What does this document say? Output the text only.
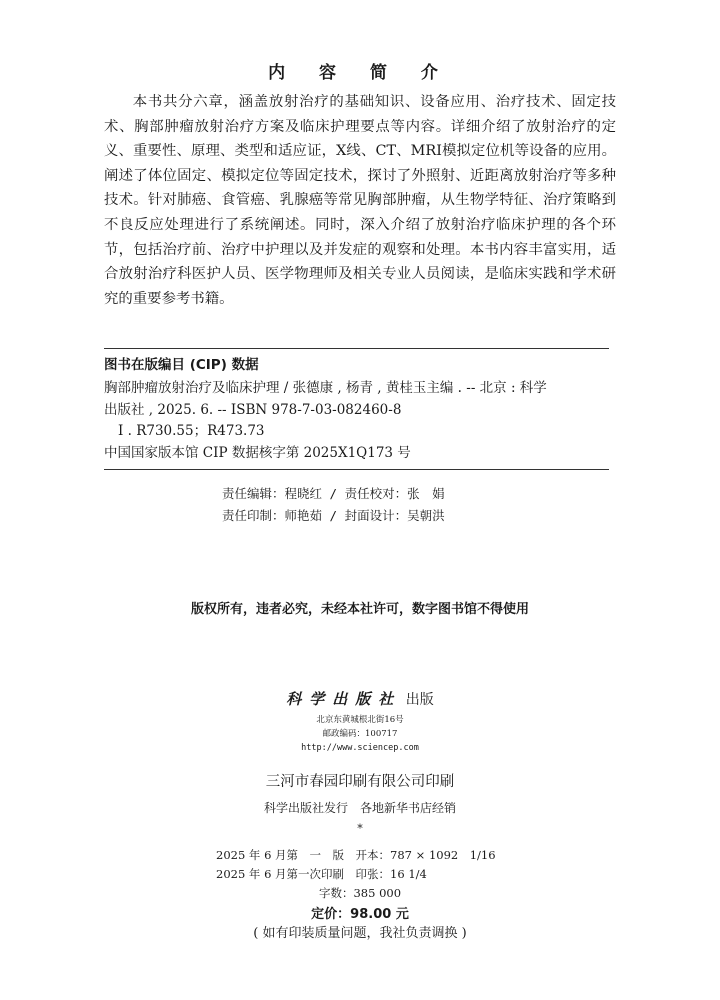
内 容 简 介

本书共分六章，涵盖放射治疗的基础知识、设备应用、治疗技术、固定技术、胸部肿瘤放射治疗方案及临床护理要点等内容。详细介绍了放射治疗的定义、重要性、原理、类型和适应证，X线、CT、MRI模拟定位机等设备的应用。阐述了体位固定、模拟定位等固定技术，探讨了外照射、近距离放射治疗等多种技术。针对肺癌、食管癌、乳腺癌等常见胸部肿瘤，从生物学特征、治疗策略到不良反应处理进行了系统阐述。同时，深入介绍了放射治疗临床护理的各个环节，包括治疗前、治疗中护理以及并发症的观察和处理。本书内容丰富实用，适合放射治疗科医护人员、医学物理师及相关专业人员阅读，是临床实践和学术研究的重要参考书籍。

图书在版编目 (CIP) 数据
胸部肿瘤放射治疗及临床护理 / 张德康 , 杨青 , 黄桂玉主编 . -- 北京 : 科学
出版社 , 2025. 6. -- ISBN 978-7-03-082460-8
Ⅰ . R730.55；R473.73
中国国家版本馆 CIP 数据核字第 2025X1Q173 号
责任编辑：程晓红 / 责任校对：张　娟
责任印制：师艳茹 / 封面设计：吴朝洪
版权所有，违者必究，未经本社许可，数字图书馆不得使用
科学出版社 出版
北京东黄城根北街16号
邮政编码：100717
http://www.sciencep.com
三河市春园印刷有限公司印刷
科学出版社发行　各地新华书店经销
*
2025 年 6 月第　一　版　开本：787 × 1092　1/16
2025 年 6 月第一次印刷　印张：16 1/4
字数：385 000
定价：98.00 元
( 如有印装质量问题，我社负责调换 )
